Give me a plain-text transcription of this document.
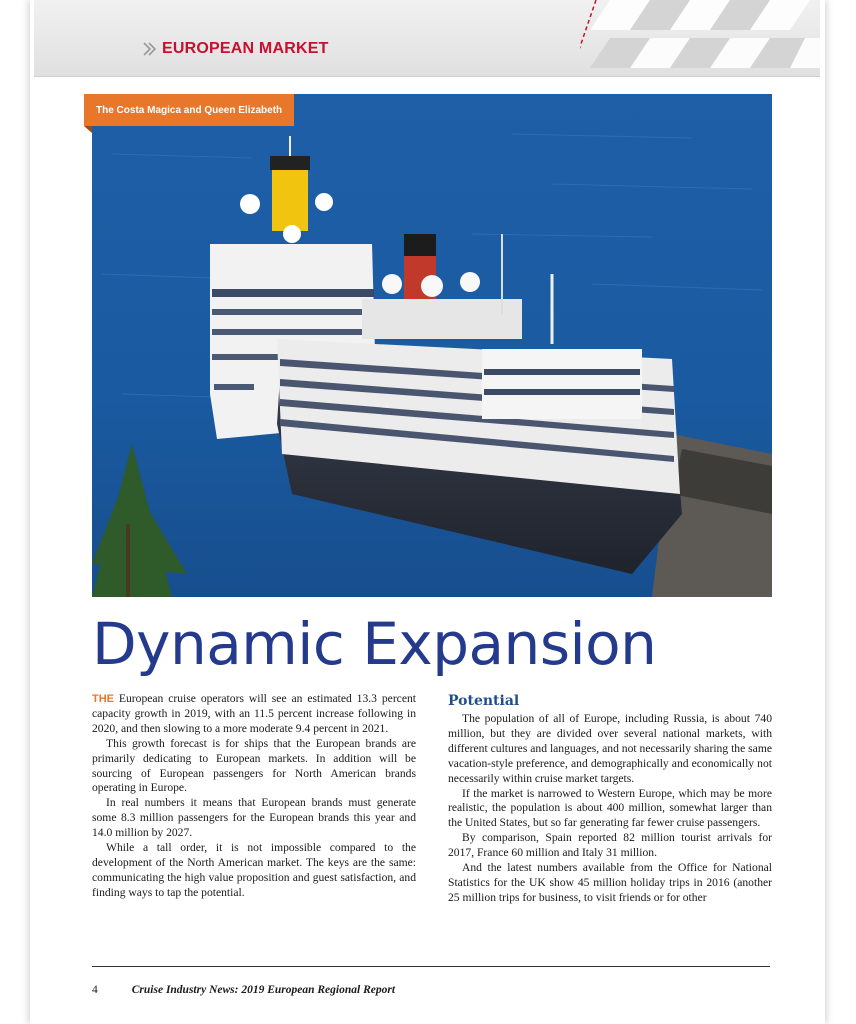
EUROPEAN MARKET
The Costa Magica and Queen Elizabeth
Dynamic Expansion

THE European cruise operators will see an estimated 13.3 percent capacity growth in 2019, with an 11.5 percent increase following in 2020, and then slowing to a more moderate 9.4 percent in 2021.

This growth forecast is for ships that the European brands are primarily dedicating to European markets. In addition will be sourcing of European passengers for North American brands operating in Europe.

In real numbers it means that European brands must generate some 8.3 million passengers for the European brands this year and 14.0 million by 2027.

While a tall order, it is not impossible compared to the development of the North American market. The keys are the same: communicating the high value proposition and guest satisfaction, and finding ways to tap the potential.

Potential

The population of all of Europe, including Russia, is about 740 million, but they are divided over several national markets, with different cultures and languages, and not necessarily sharing the same vacation-style preference, and demographically and economically not necessarily within cruise market targets.

If the market is narrowed to Western Europe, which may be more realistic, the population is about 400 million, somewhat larger than the United States, but so far generating far fewer cruise passengers.

By comparison, Spain reported 82 million tourist arrivals for 2017, France 60 million and Italy 31 million.

And the latest numbers available from the Office for National Statistics for the UK show 45 million holiday trips in 2016 (another 25 million trips for business, to visit friends or for other

4	Cruise Industry News: 2019 European Regional Report
